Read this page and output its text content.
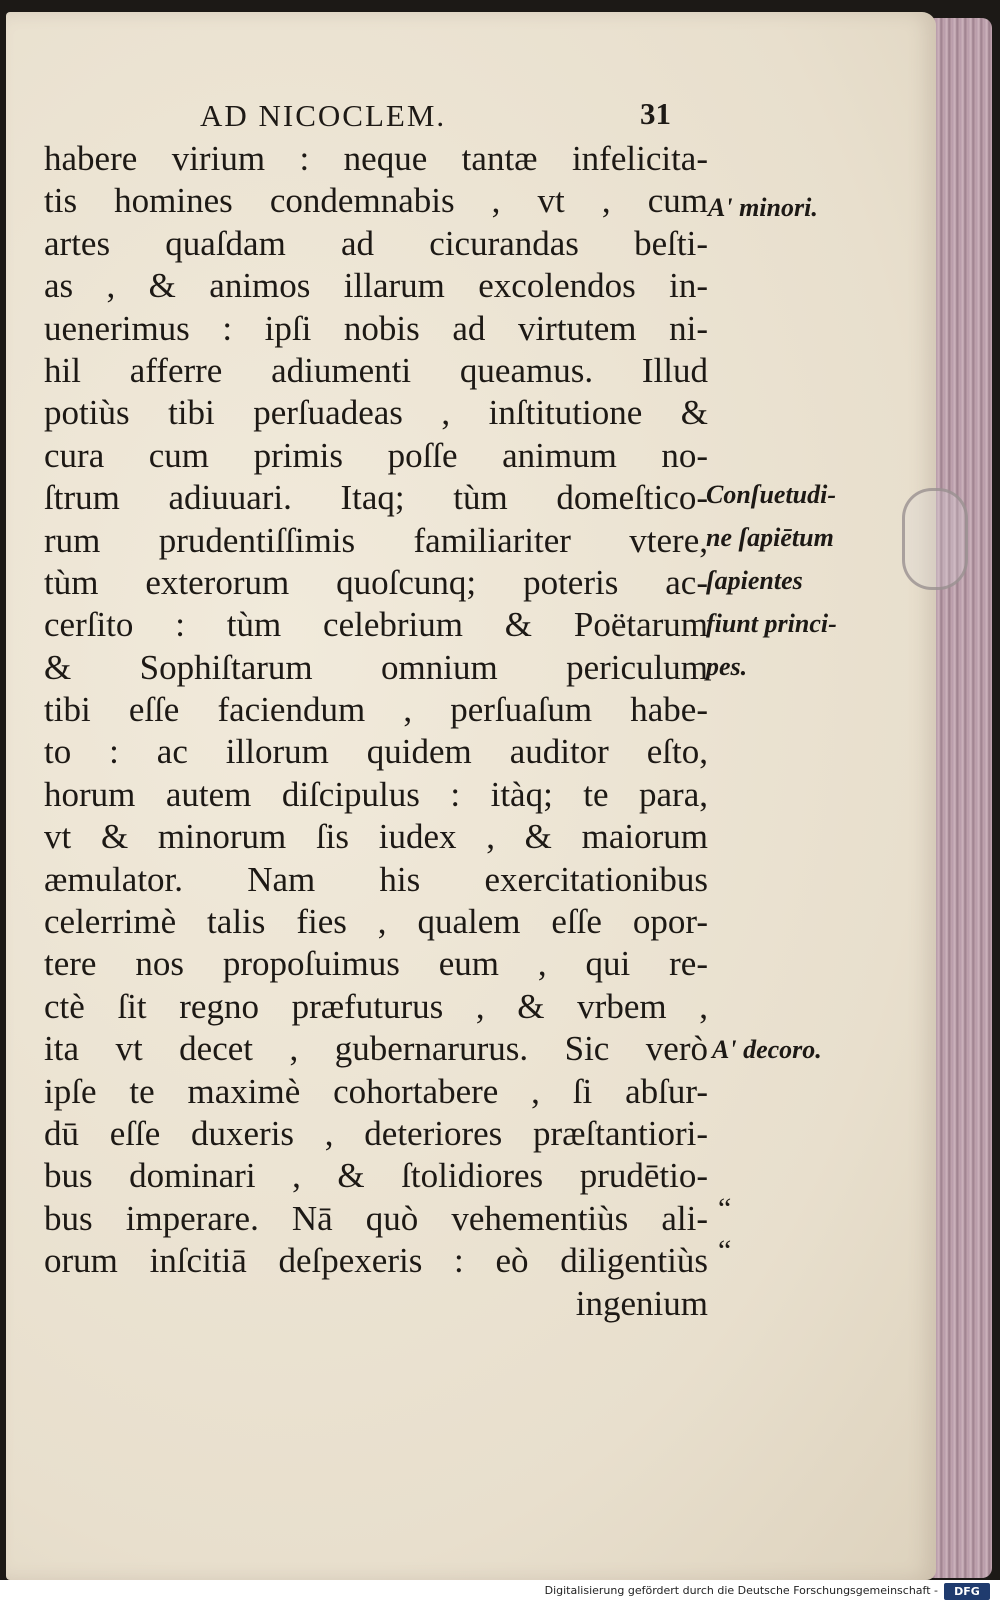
AD NICOCLEM.	31
habere virium : neque tantæ infelicita-
tis homines condemnabis , vt , cum
artes quaſdam ad cicurandas beſti-
as , & animos illarum excolendos in-
uenerimus : ipſi nobis ad virtutem ni-
hil afferre adiumenti queamus. Illud
potiùs tibi perſuadeas , inſtitutione &
cura cum primis poſſe animum no-
ſtrum adiuuari. Itaq; tùm domeſtico-
rum prudentiſſimis familiariter vtere,
tùm exterorum quoſcunq; poteris ac-
cerſito : tùm celebrium & Poëtarum
& Sophiſtarum omnium periculum
tibi eſſe faciendum , perſuaſum habe-
to : ac illorum quidem auditor eſto,
horum autem diſcipulus : itàq; te para,
vt & minorum ſis iudex , & maiorum
æmulator. Nam his exercitationibus
celerrimè talis fies , qualem eſſe opor-
tere nos propoſuimus eum , qui re-
ctè ſit regno præfuturus , & vrbem ,
ita vt decet , gubernarurus. Sic verò
ipſe te maximè cohortabere , ſi abſur-
dū eſſe duxeris , deteriores præſtantiori-
bus dominari , & ſtolidiores prudētio-
bus imperare. Nā quò vehementiùs ali-
orum inſcitiā deſpexeris : eò diligentiùs
ingenium
A' minori.
Conſuetudi-
ne ſapiētum
ſapientes
fiunt princi-
pes.
A' decoro.
“
“
Digitalisierung gefördert durch die Deutsche Forschungsgemeinschaft -	DFG
